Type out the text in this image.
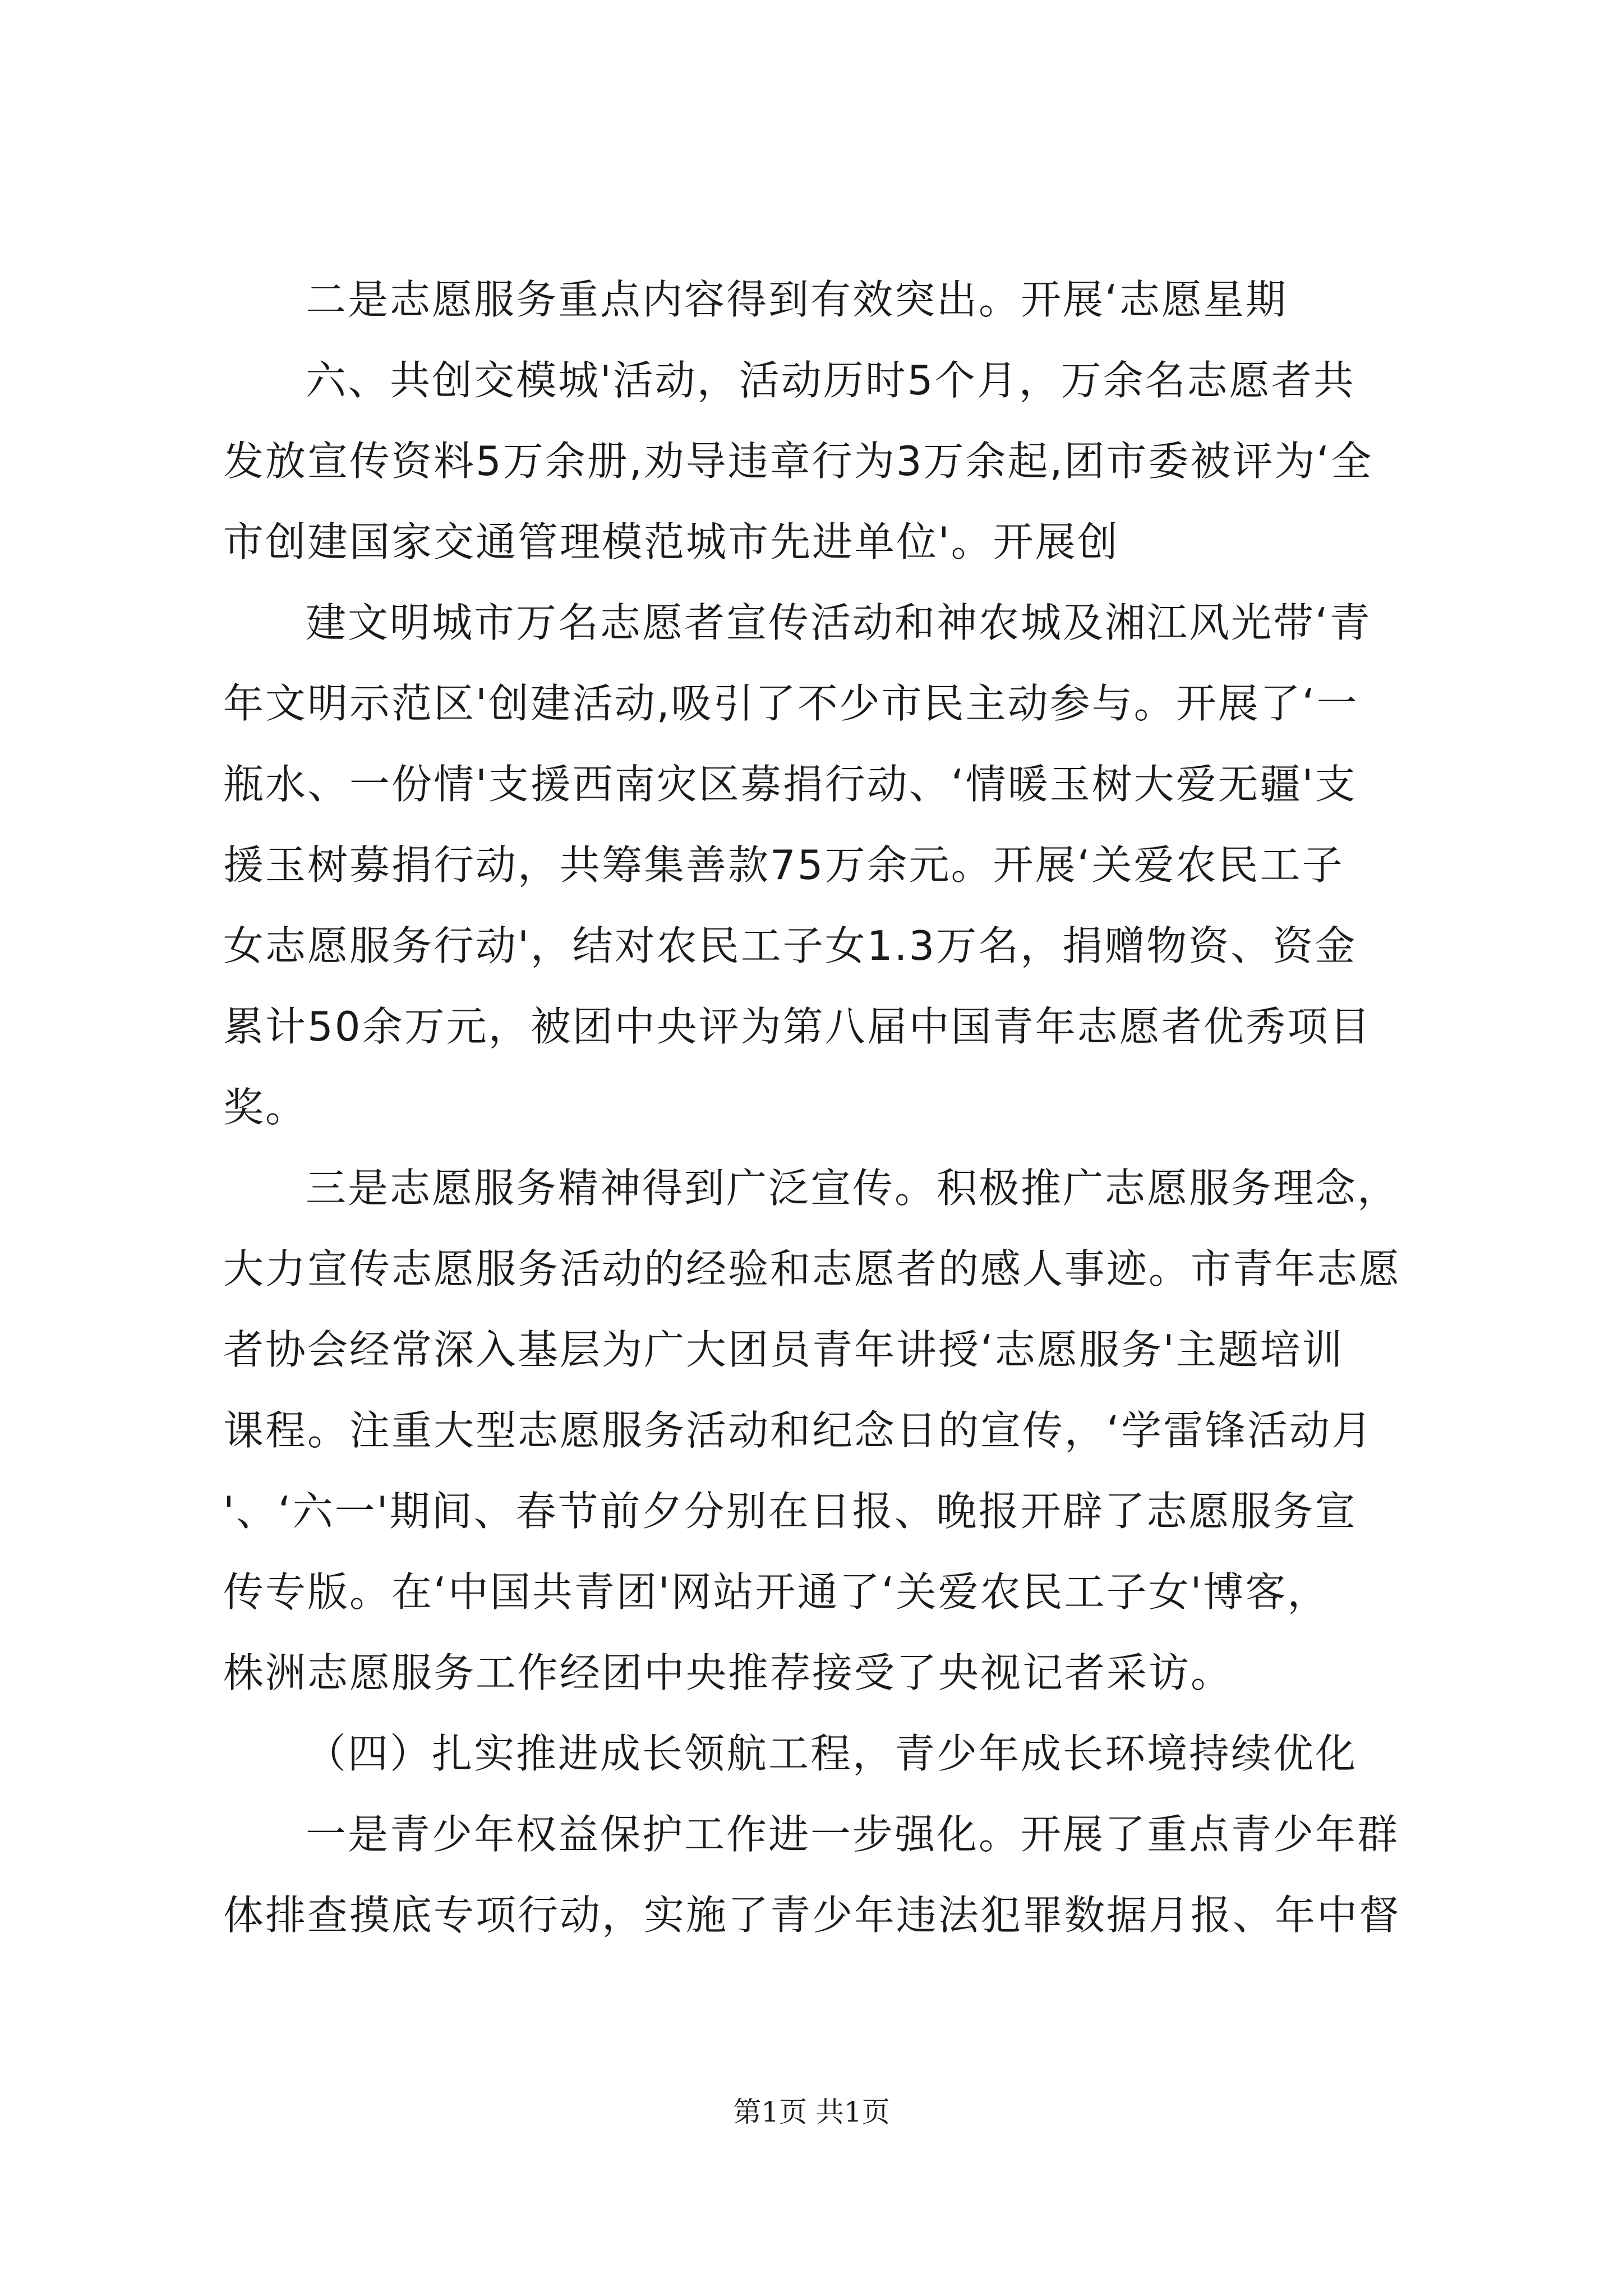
二是志愿服务重点内容得到有效突出。开展‘志愿星期
六、共创交模城'活动，活动历时5个月，万余名志愿者共
发放宣传资料5万余册,劝导违章行为3万余起,团市委被评为‘全
市创建国家交通管理模范城市先进单位'。开展创
建文明城市万名志愿者宣传活动和神农城及湘江风光带‘青
年文明示范区'创建活动,吸引了不少市民主动参与。开展了‘一
瓶水、一份情'支援西南灾区募捐行动、‘情暖玉树大爱无疆'支
援玉树募捐行动，共筹集善款75万余元。开展‘关爱农民工子
女志愿服务行动'，结对农民工子女1.3万名，捐赠物资、资金
累计50余万元，被团中央评为第八届中国青年志愿者优秀项目
奖。
三是志愿服务精神得到广泛宣传。积极推广志愿服务理念，
大力宣传志愿服务活动的经验和志愿者的感人事迹。市青年志愿
者协会经常深入基层为广大团员青年讲授‘志愿服务'主题培训
课程。注重大型志愿服务活动和纪念日的宣传，‘学雷锋活动月
'、‘六一'期间、春节前夕分别在日报、晚报开辟了志愿服务宣
传专版。在‘中国共青团'网站开通了‘关爱农民工子女'博客，
株洲志愿服务工作经团中央推荐接受了央视记者采访。
（四）扎实推进成长领航工程，青少年成长环境持续优化
一是青少年权益保护工作进一步强化。开展了重点青少年群
体排查摸底专项行动，实施了青少年违法犯罪数据月报、年中督
第1页 共1页
